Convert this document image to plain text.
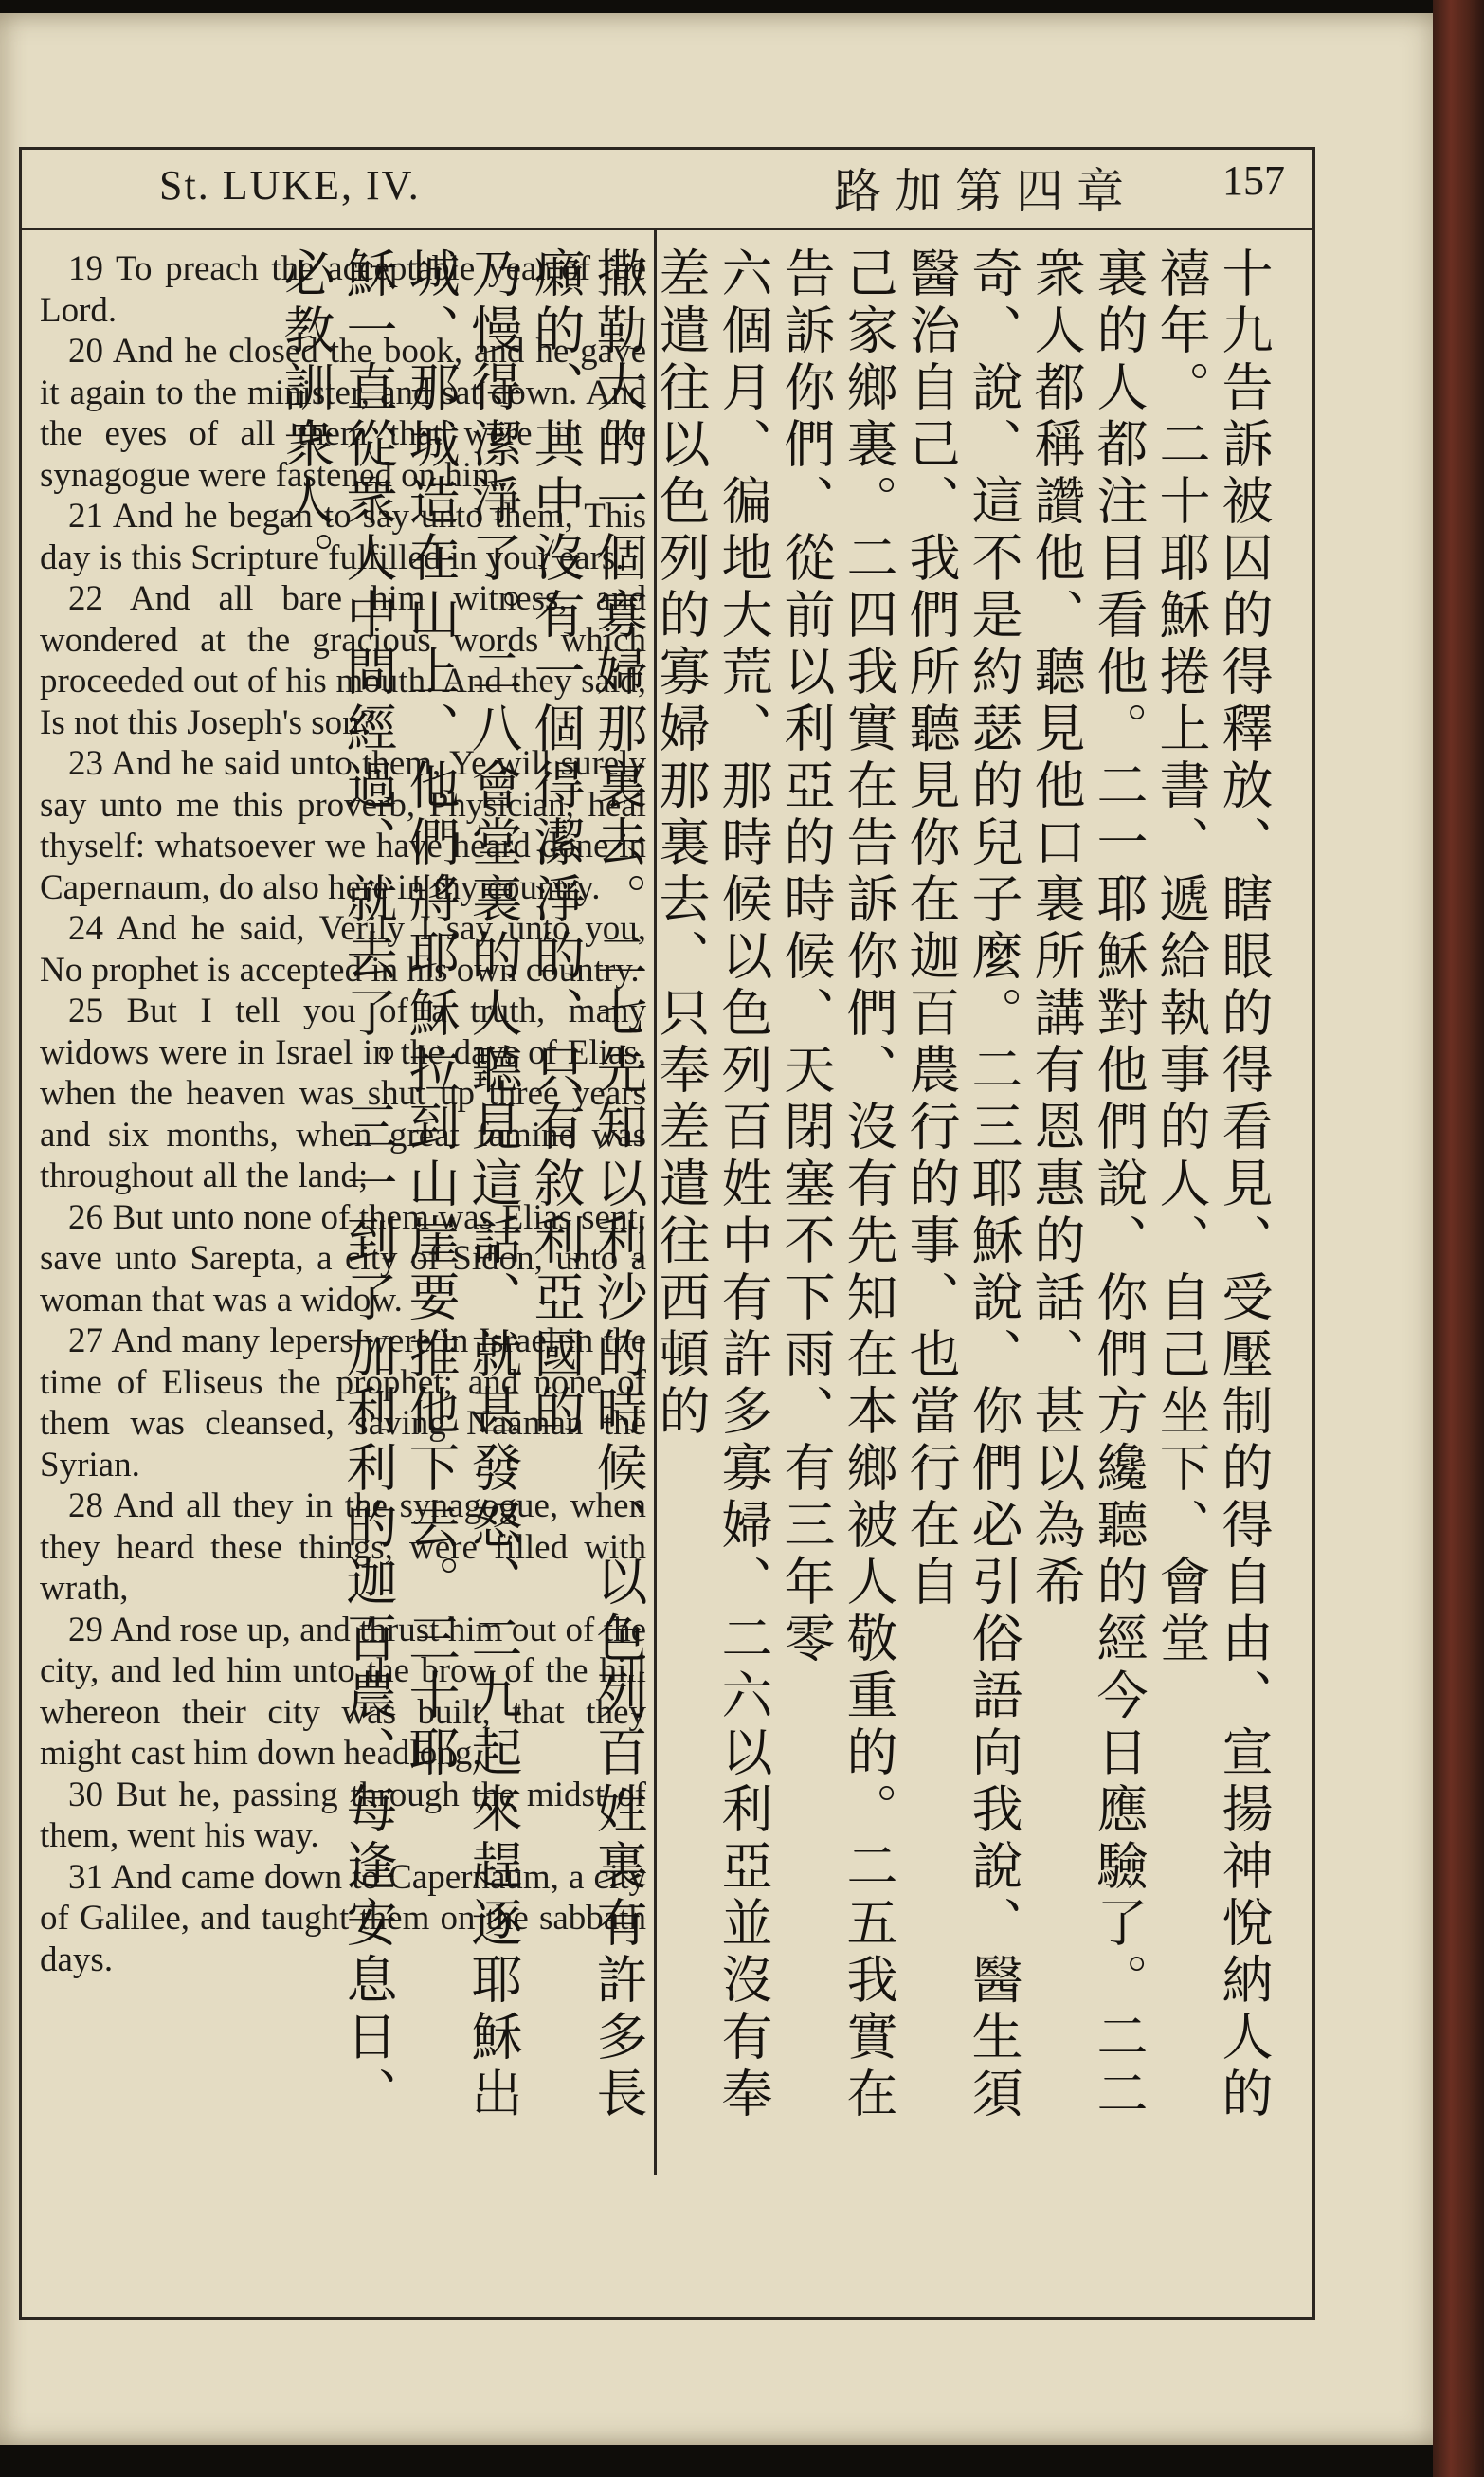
St. LUKE, IV.	路加第四章 157

19 To preach the acceptable year of the Lord.

20 And he closed the book, and he gave it again to the minister, and sat down. And the eyes of all them that were in the synagogue were fastened on him.

21 And he began to say unto them, This day is this Scripture fulfilled in your ears.

22 And all bare him witness, and wondered at the gracious words which proceeded out of his mouth. And they said, Is not this Joseph's son?

23 And he said unto them, Ye will surely say unto me this proverb, Physician, heal thyself: whatsoever we have heard done in Capernaum, do also here in thy country.

24 And he said, Verily I say unto you, No prophet is accepted in his own country.

25 But I tell you of a truth, many widows were in Israel in the days of Elias, when the heaven was shut up three years and six months, when great famine was throughout all the land;

26 But unto none of them was Elias sent, save unto Sarepta, a city of Sidon, unto a woman that was a widow.

27 And many lepers were in Israel in the time of Eliseus the prophet; and none of them was cleansed, saving Naaman the Syrian.

28 And all they in the synagogue, when they heard these things, were filled with wrath,

29 And rose up, and thrust him out of the city, and led him unto the brow of the hill whereon their city was built, that they might cast him down headlong.

30 But he, passing through the midst of them, went his way.

31 And came down to Capernaum, a city of Galilee, and taught them on the sabbath days.	十九告訴被囚的得釋放、瞎眼的得看見、受壓制的得自由、宣揚神悅納人的禧年。二十耶穌捲上書、遞給執事的人、自己坐下、會堂

裏的人都注目看他。二一耶穌對他們說、你們方纔聽的經今日應驗了。二二衆人都稱讚他、聽見他口裏所講有恩惠的話、甚以為希

奇、說、這不是約瑟的兒子麼。二三耶穌說、你們必引俗語向我說、醫生須醫治自己、我們所聽見你在迦百農行的事、也當行在自

己家鄉裏。二四我實在告訴你們、沒有先知在本鄉被人敬重的。二五我實在告訴你們、從前以利亞的時候、天閉塞不下雨、有三年零

六個月、徧地大荒、那時候以色列百姓中有許多寡婦、二六以利亞並沒有奉差遣往以色列的寡婦那裏去、只奉差遣往西頓的

撒勒大的一個寡婦那裏去。二七先知以利沙的時候、以色列百姓裏有許多長癩的、其中沒有一個得潔淨的、只有敘利亞國的

乃慢得潔淨了。二八會堂裏的人聽見這話、就甚發怒、二九起來趕逐耶穌出城、那城造在山上、他們將耶穌拉到山崖要推他下去。三十耶

穌一直從衆人中間經過、就去了。三一到了加利利的迦百農、每逢安息日、必教訓衆人。
